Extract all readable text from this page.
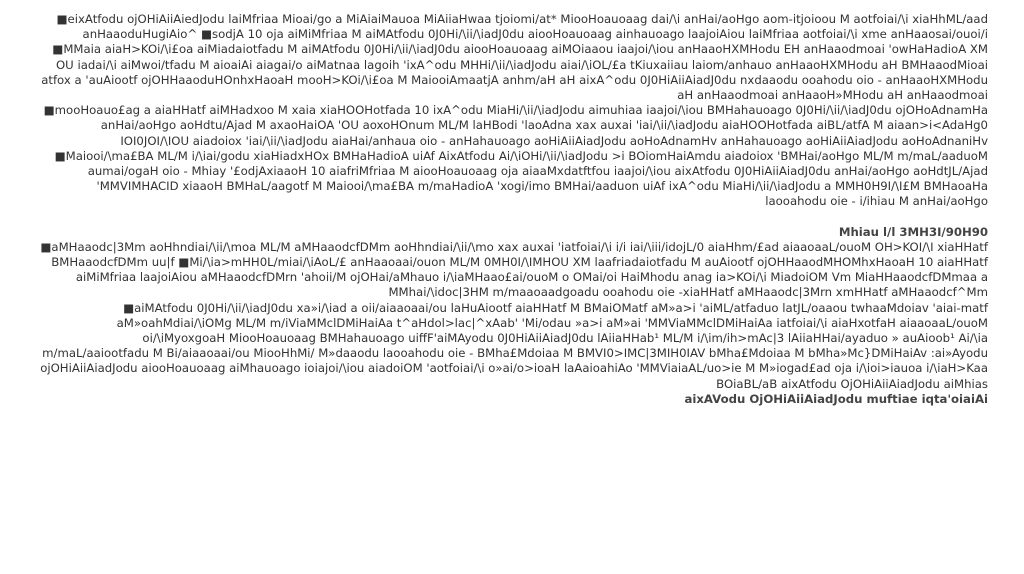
■eixAtfodu ojOHiAiiAiedJodu laiMfriaa Mioai/go a MiAiaiMauoa MiAiiaHwaa tjoiomi/at* MiooHoauoaag dai/\i anHai/aoHgo aom-itjoioou M aotfoiai/\i xiaHhML/aad anHaaoduHugiAio^ ■sodjA 10 oja aiMiMfriaa M aiMAtfodu 0J0Hi/\ii/\iadJ0du aiooHoauoaag ainhauoago laajoiAiou laiMfriaa aotfoiai/\i xme anHaaosai/ouoi/i ■MMaia aiaH>KOi/\i£oa aiMiadaiotfadu M aiMAtfodu 0J0Hi/\ii/\iadJ0du aiooHoauoaag aiMOiaaou iaajoi/\iou anHaaoHXMHodu EH anHaaodmoai 'owHaHadioA XM OU iadai/\i aiMwoi/tfadu M aioaiAi aiagai/o aiMatnaa lagoih 'ixA^odu MHHi/\ii/\iadJodu aiai/\iOL/£a tKiuxaiiau laiom/anhauo anHaaoHXMHodu aH BMHaaodMioai atfox a 'auAiootf ojOHHaaoduHOnhxHaoaH mooH>KOi/\i£oa M MaiooiAmaatjA anhm/aH aH aixA^odu 0J0HiAiiAiadJ0du nxdaaodu ooahodu oio - anHaaoHXMHodu aH anHaaodmoai anHaaoH»MHodu aH anHaaodmoai

■mooHoauo£ag a aiaHHatf aiMHadxoo M xaia xiaHOOHotfada 10 ixA^odu MiaHi/\ii/\iadJodu aimuhiaa iaajoi/\iou BMHahauoago 0J0Hi/\ii/\iadJ0du ojOHoAdnamHa anHai/aoHgo aoHdtu/Ajad M axaoHaiOA 'OU aoxoHOnum ML/M laHBodi 'laoAdna xax auxai 'iai/\ii/\iadJodu aiaHOOHotfada aiBL/atfA M aiaan>i<AdaHg0 IOI0JOI/\IOU aiadoiox 'iai/\ii/\iadJodu aiaHai/anhaua oio - anHahauoago aoHiAiiAiadJodu aoHoAdnamHv anHahauoago aoHiAiiAiadJodu aoHoAdnaniHv ■Maiooi/\ma£BA ML/M i/\iai/godu xiaHiadxHOx BMHaHadioA uiAf AixAtfodu Ai/\iOHi/\ii/\iadJodu >i BOiomHaiAmdu aiadoiox 'BMHai/aoHgo ML/M m/maL/aaduoM aumai/ogaH oio - Mhiay '£odjAxiaaoH 10 aiafriMfriaa M aiooHoauoaag oja aiaaMxdatftfou iaajoi/\iou aixAtfodu 0J0HiAiiAiadJ0du anHai/aoHgo aoHdtJL/Ajad 'MMVIMHACID xiaaoH BMHaL/aagotf M Maiooi/\ma£BA m/maHadioA 'xogi/imo BMHai/aaduon uiAf ixA^odu MiaHi/\ii/\iadJodu a MMH0H9I/\I£M BMHaoaHa laooahodu oie - i/ihiau M anHai/aoHgo

Mhiau l/l 3MH3I/90H90

■aMHaaodc|3Mm aoHhndiai/\ii/\moa ML/M aMHaaodcfDMm aoHhndiai/\ii/\mo xax auxai 'iatfoiai/\i i/i iai/\iii/idojL/0 aiaHhm/£ad aiaaoaaL/ouoM OH>KOI/\I xiaHHatf BMHaaodcfDMm uu|f ■Mi/\ia>mHH0L/miai/\iAoL/£ anHaaoaai/ouon ML/M 0MH0I/\IMHOU XM laafriadaiotfadu M auAiootf ojOHHaaodMHOMhxHaoaH 10 aiaHHatf aiMiMfriaa laajoiAiou aMHaaodcfDMrn 'ahoii/M ojOHai/aMhauo i/\iaMHaao£ai/ouoM o OMai/oi HaiMhodu anag ia>KOi/\i MiadoiOM Vm MiaHHaaodcfDMmaa a MMhai/\idoc|3HM m/maaoaadgoadu ooahodu oie -xiaHHatf aMHaaodc|3Mrn xmHHatf aMHaaodcf^Mm

■aiMAtfodu 0J0Hi/\ii/\iadJ0du xa»i/\iad a oii/aiaaoaai/ou laHuAiootf aiaHHatf M BMaiOMatf aM»a>i 'aiML/atfaduo latJL/oaaou twhaaMdoiav 'aiai-matf aM»oahMdiai/\iOMg ML/M m/iViaMMclDMiHaiAa t^aHdol>lac|^xAab' 'Mi/odau »a>i aM»ai 'MMViaMMclDMiHaiAa iatfoiai/\i aiaHxotfaH aiaaoaaL/ouoM oi/\iMyoxgoaH MiooHoauoaag BMHahauoago uiffF'aiMAyodu 0J0HiAiiAiadJ0du lAiiaHHab¹ ML/M i/\im/ih>mAc|3 lAiiaHHai/ayaduo » auAioob¹ Ai/\ia m/maL/aaiootfadu M Bi/aiaaoaai/ou MiooHhMi/ M»daaodu laooahodu oie - BMha£Mdoiaa M BMVI0>IMC|3MIH0IAV bMha£Mdoiaa M bMha»Mc}DMiHaiAv :ai»Ayodu ojOHiAiiAiadJodu aiooHoauoaag aiMhauoago ioiajoi/\iou aiadoiOM 'aotfoiai/\i o»ai/o>ioaH laAaioahiAo 'MMViaiaAL/uo>ie M M»iogad£ad oja i/\ioi>iauoa i/\iaH>Kaa BOiaBL/aB aixAtfodu OjOHiAiiAiadJodu aiMhias

aixAVodu OjOHiAiiAiadJodu muftiae iqta'oiaiAi
